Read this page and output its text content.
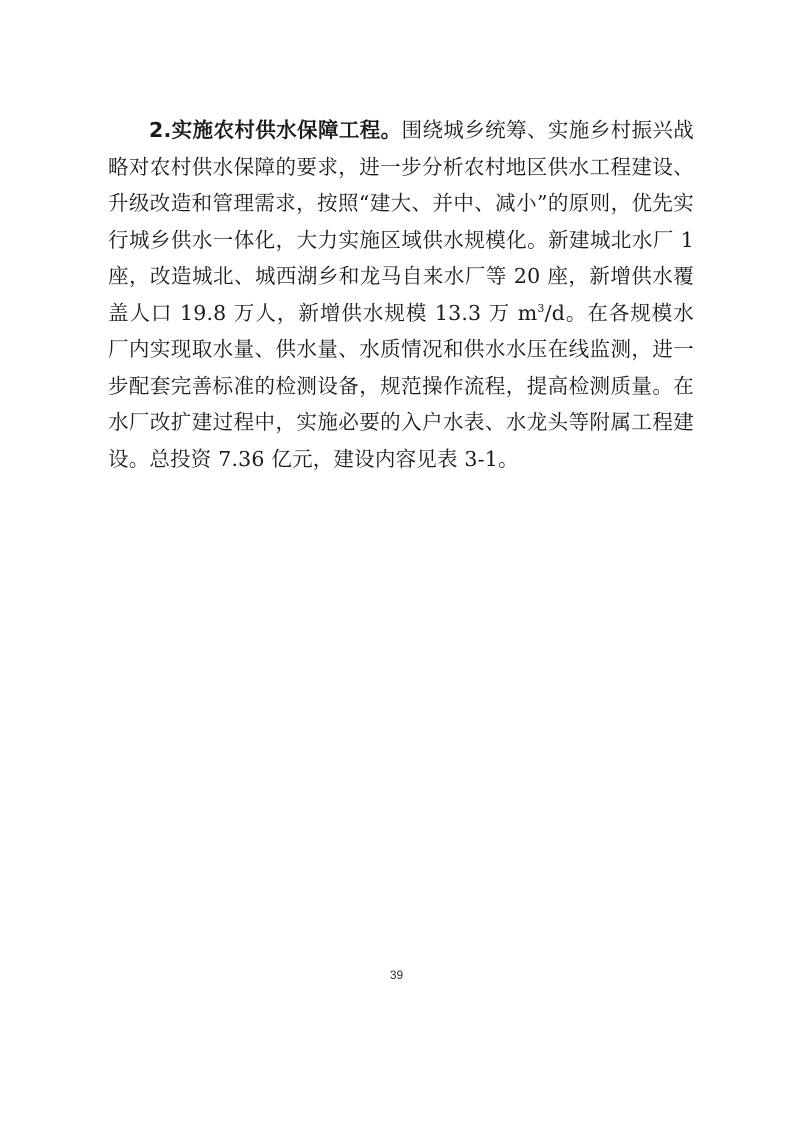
2.实施农村供水保障工程。围绕城乡统筹、实施乡村振兴战略对农村供水保障的要求，进一步分析农村地区供水工程建设、升级改造和管理需求，按照“建大、并中、减小”的原则，优先实行城乡供水一体化，大力实施区域供水规模化。新建城北水厂 1 座，改造城北、城西湖乡和龙马自来水厂等 20 座，新增供水覆盖人口 19.8 万人，新增供水规模 13.3 万 $m^3/d$。在各规模水厂内实现取水量、供水量、水质情况和供水水压在线监测，进一步配套完善标准的检测设备，规范操作流程，提高检测质量。在水厂改扩建过程中，实施必要的入户水表、水龙头等附属工程建设。总投资 7.36 亿元，建设内容见表 3-1。

39
